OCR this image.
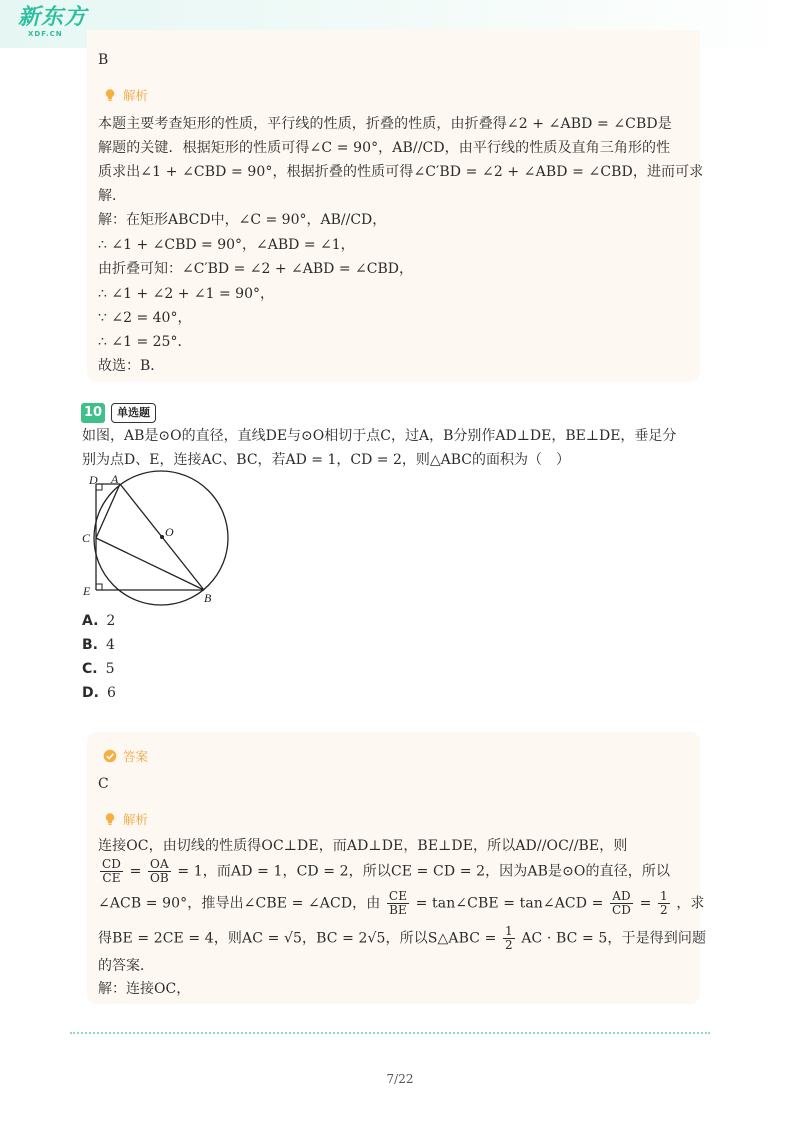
新东方
XDF.CN
B
解析
本题主要考查矩形的性质，平行线的性质，折叠的性质，由折叠得∠2 + ∠ABD = ∠CBD是
解题的关键．根据矩形的性质可得∠C = 90°，AB//CD，由平行线的性质及直角三角形的性
质求出∠1 + ∠CBD = 90°，根据折叠的性质可得∠C′BD = ∠2 + ∠ABD = ∠CBD，进而可求
解．
解：在矩形ABCD中，∠C = 90°，AB//CD，
∴ ∠1 + ∠CBD = 90°，∠ABD = ∠1，
由折叠可知：∠C′BD = ∠2 + ∠ABD = ∠CBD，
∴ ∠1 + ∠2 + ∠1 = 90°，
∵ ∠2 = 40°，
∴ ∠1 = 25°．
故选：B．
10	单选题
如图，AB是⊙O的直径，直线DE与⊙O相切于点C，过A，B分别作AD⊥DE，BE⊥DE，垂足分
别为点D、E，连接AC、BC，若AD = 1，CD = 2，则△ABC的面积为（　）
D A
O
C
E	B
A. 2
B. 4
C. 5
D. 6
答案
C
解析
连接OC，由切线的性质得OC⊥DE，而AD⊥DE，BE⊥DE，所以AD//OC//BE，则
$\frac{CD}{CE} = \frac{OA}{OB} = 1$，而AD = 1，CD = 2，所以CE = CD = 2，因为AB是⊙O的直径，所以
∠ACB = 90°，推导出∠CBE = ∠ACD，由 $\frac{CE}{BE}$ = tan∠CBE = tan∠ACD = $\frac{AD}{CD} = \frac{1}{2}$ ，求
得BE = 2CE = 4，则AC = √5，BC = 2√5，所以S△ABC = $\frac{1}{2}$ AC · BC = 5，于是得到问题
的答案．
解：连接OC，
7/22
